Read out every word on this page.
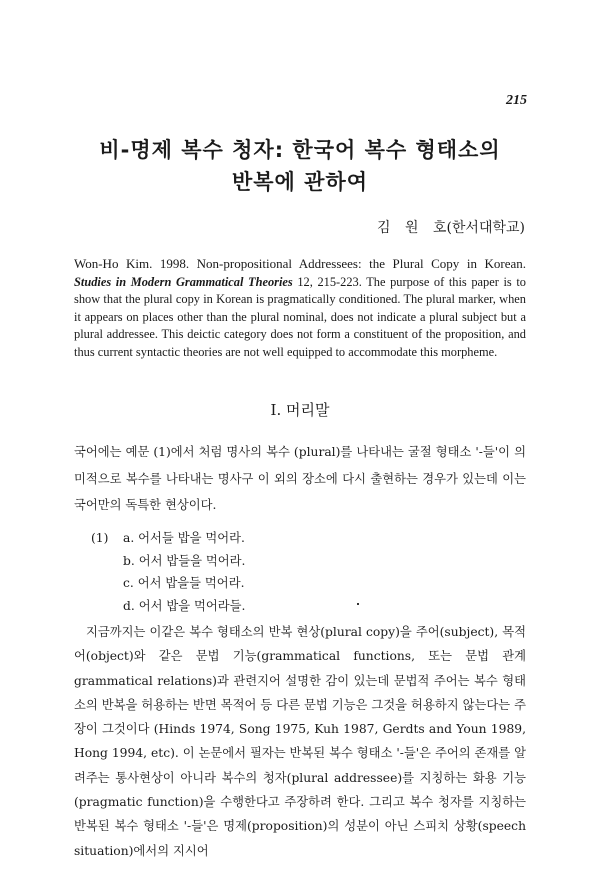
215
비-명제 복수 청자: 한국어 복수 형태소의
반복에 관하여
김 원 호(한서대학교)

Won-Ho Kim. 1998. Non-propositional Addressees: the Plural Copy in Korean. Studies in Modern Grammatical Theories 12, 215-223. The purpose of this paper is to show that the plural copy in Korean is pragmatically conditioned. The plural marker, when it appears on places other than the plural nominal, does not indicate a plural subject but a plural addressee. This deictic category does not form a constituent of the proposition, and thus current syntactic theories are not well equipped to accommodate this morpheme.

I. 머리말

국어에는 예문 (1)에서 처럼 명사의 복수 (plural)를 나타내는 굴절 형태소 '-들'이 의미적으로 복수를 나타내는 명사구 이 외의 장소에 다시 출현하는 경우가 있는데 이는 국어만의 독특한 현상이다.

(1) a. 어서들 밥을 먹어라.
b. 어서 밥들을 먹어라.
c. 어서 밥을들 먹어라.
d. 어서 밥을 먹어라들.

지금까지는 이같은 복수 형태소의 반복 현상(plural copy)을 주어(subject), 목적어(object)와 같은 문법 기능(grammatical functions, 또는 문법 관계 grammatical relations)과 관련지어 설명한 감이 있는데 문법적 주어는 복수 형태소의 반복을 허용하는 반면 목적어 등 다른 문법 기능은 그것을 허용하지 않는다는 주장이 그것이다 (Hinds 1974, Song 1975, Kuh 1987, Gerdts and Youn 1989, Hong 1994, etc). 이 논문에서 필자는 반복된 복수 형태소 '-들'은 주어의 존재를 알려주는 통사현상이 아니라 복수의 청자(plural addressee)를 지칭하는 화용 기능(pragmatic function)을 수행한다고 주장하려 한다. 그리고 복수 청자를 지칭하는 반복된 복수 형태소 '-들'은 명제(proposition)의 성분이 아닌 스피치 상황(speech situation)에서의 지시어
